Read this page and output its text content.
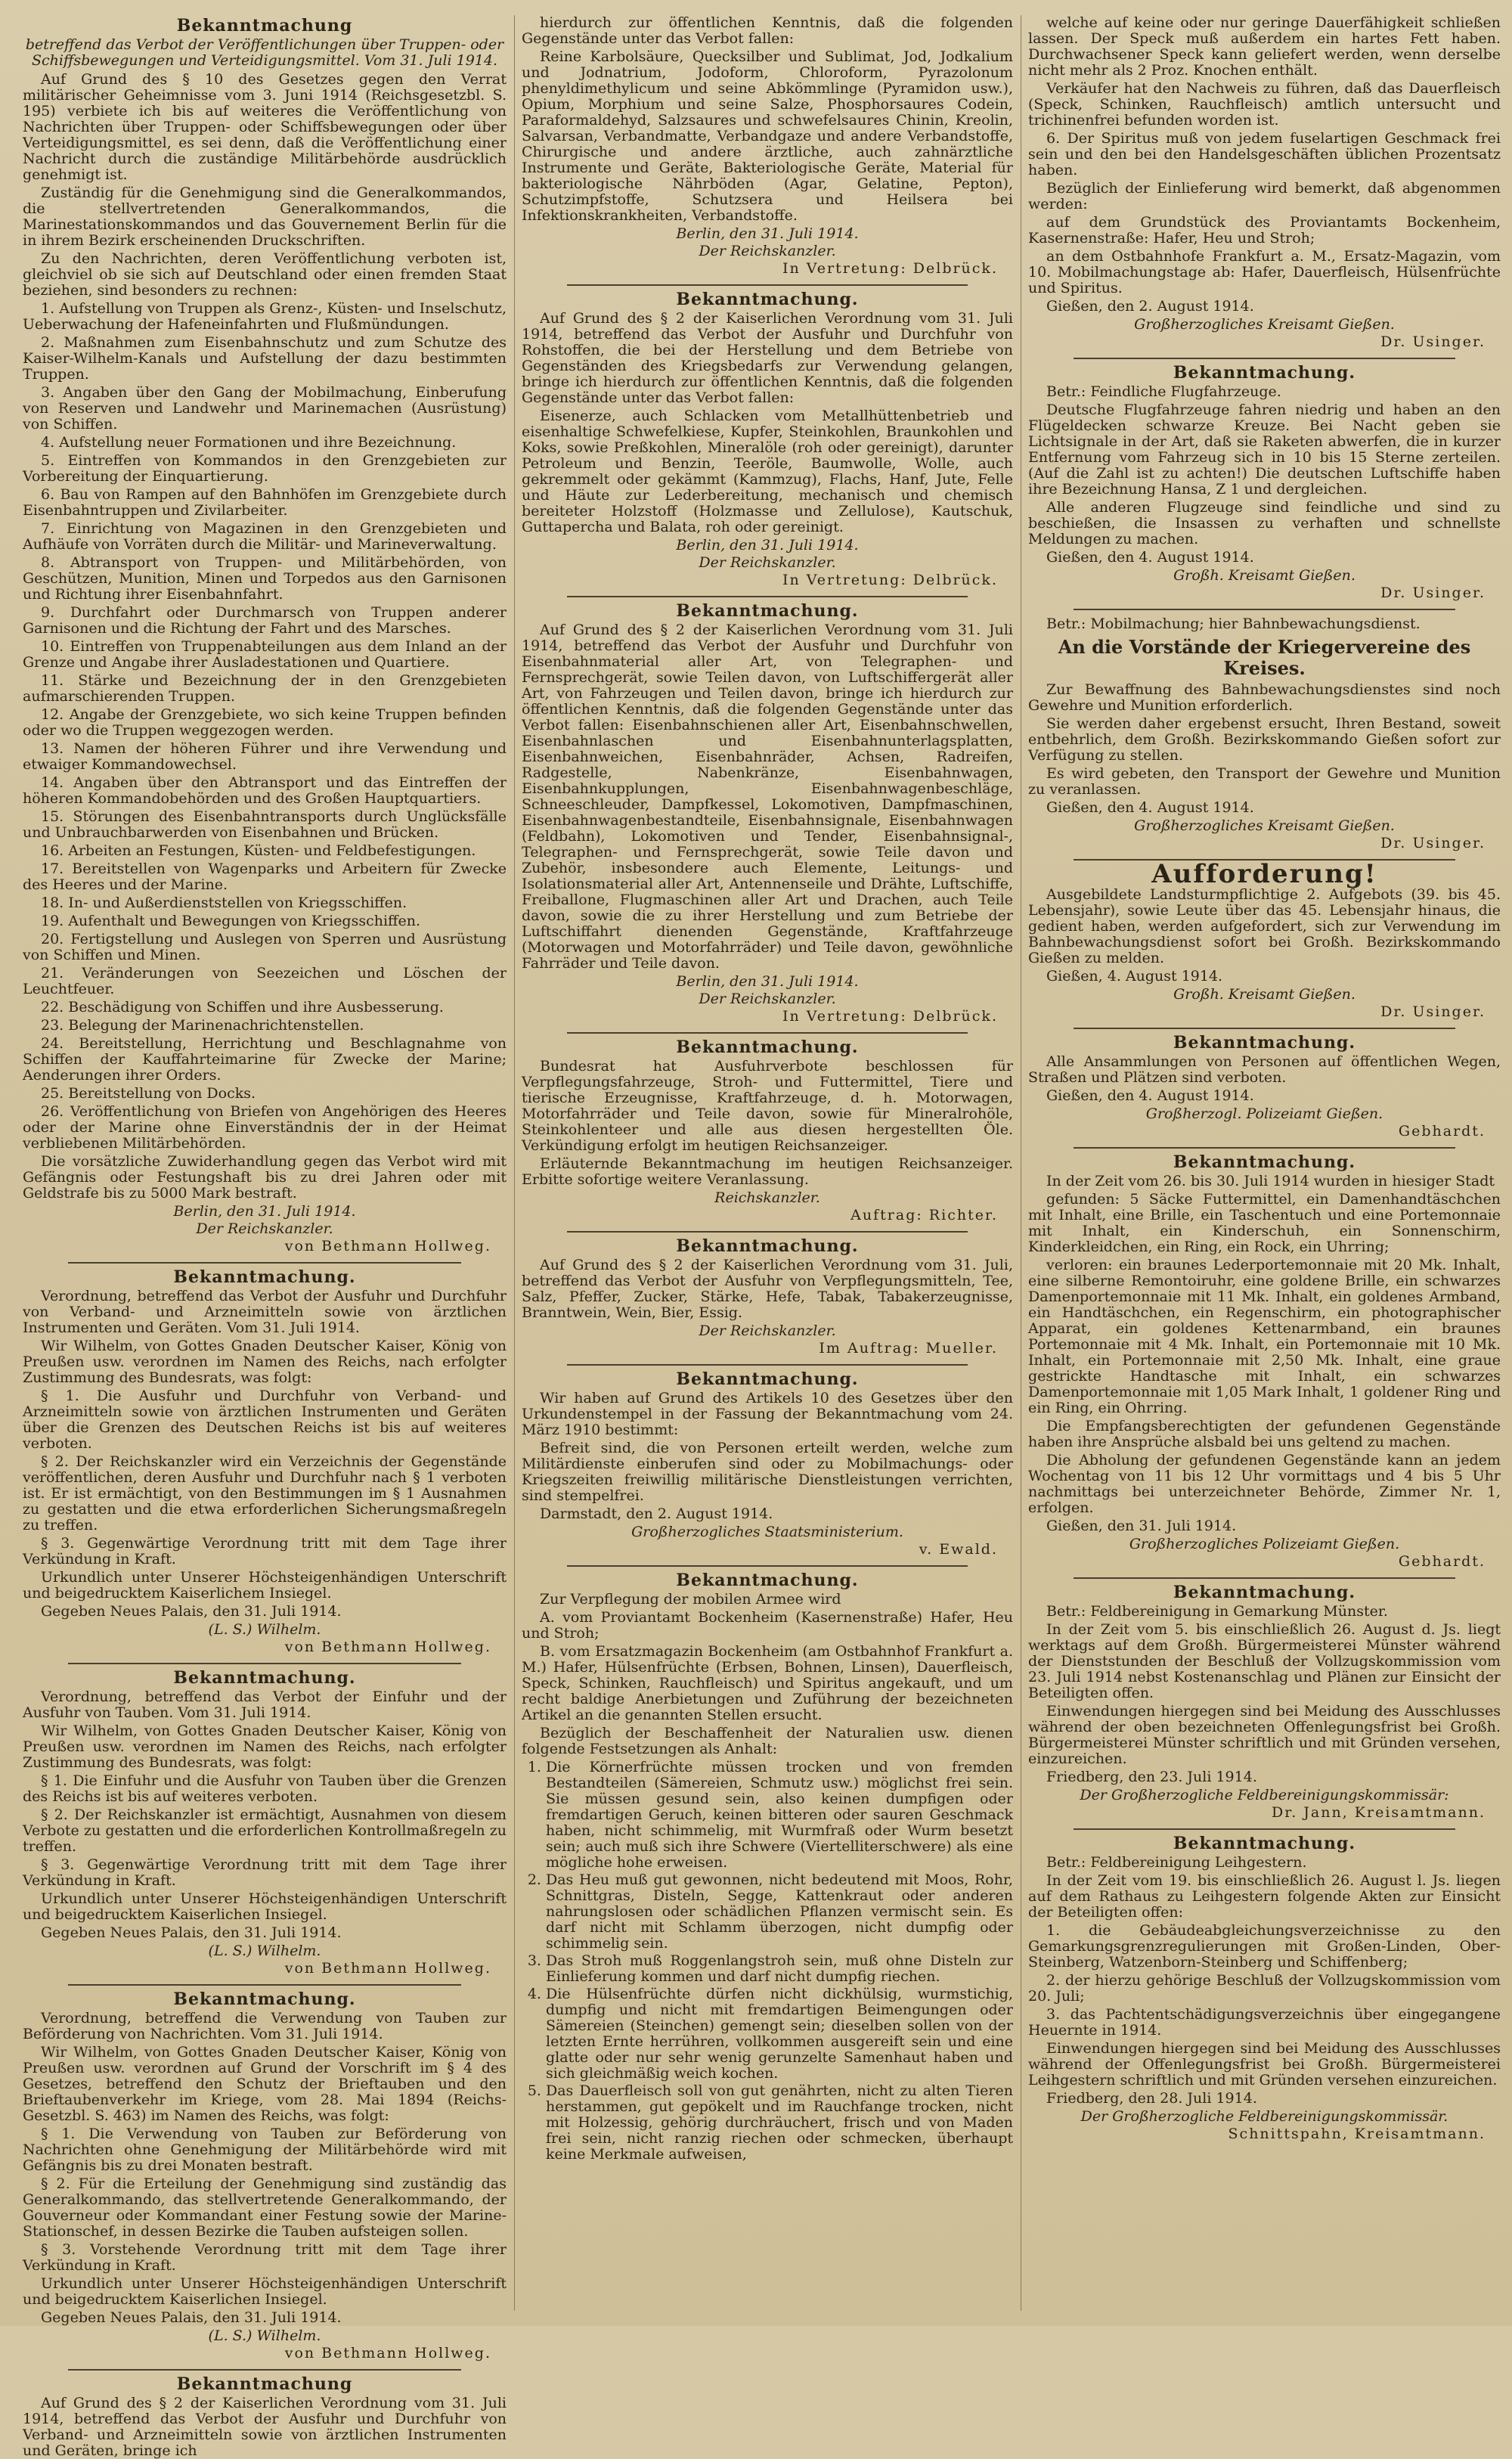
Bekanntmachung
betreffend das Verbot der Veröffentlichungen über Truppen- oder Schiffsbewegungen und Verteidigungsmittel. Vom 31. Juli 1914.

Auf Grund des § 10 des Gesetzes gegen den Verrat militärischer Geheimnisse vom 3. Juni 1914 (Reichsgesetzbl. S. 195) verbiete ich bis auf weiteres die Veröffentlichung von Nachrichten über Truppen- oder Schiffsbewegungen oder über Verteidigungsmittel, es sei denn, daß die Veröffentlichung einer Nachricht durch die zuständige Militärbehörde ausdrücklich genehmigt ist.

Zuständig für die Genehmigung sind die Generalkommandos, die stellvertretenden Generalkommandos, die Marinestationskommandos und das Gouvernement Berlin für die in ihrem Bezirk erscheinenden Druckschriften.

Zu den Nachrichten, deren Veröffentlichung verboten ist, gleichviel ob sie sich auf Deutschland oder einen fremden Staat beziehen, sind besonders zu rechnen:

1. Aufstellung von Truppen als Grenz-, Küsten- und Inselschutz, Ueberwachung der Hafeneinfahrten und Flußmündungen.

2. Maßnahmen zum Eisenbahnschutz und zum Schutze des Kaiser-Wilhelm-Kanals und Aufstellung der dazu bestimmten Truppen.

3. Angaben über den Gang der Mobilmachung, Einberufung von Reserven und Landwehr und Marinemachen (Ausrüstung) von Schiffen.

4. Aufstellung neuer Formationen und ihre Bezeichnung.

5. Eintreffen von Kommandos in den Grenzgebieten zur Vorbereitung der Einquartierung.

6. Bau von Rampen auf den Bahnhöfen im Grenzgebiete durch Eisenbahntruppen und Zivilarbeiter.

7. Einrichtung von Magazinen in den Grenzgebieten und Aufhäufe von Vorräten durch die Militär- und Marineverwaltung.

8. Abtransport von Truppen- und Militärbehörden, von Geschützen, Munition, Minen und Torpedos aus den Garnisonen und Richtung ihrer Eisenbahnfahrt.

9. Durchfahrt oder Durchmarsch von Truppen anderer Garnisonen und die Richtung der Fahrt und des Marsches.

10. Eintreffen von Truppenabteilungen aus dem Inland an der Grenze und Angabe ihrer Ausladestationen und Quartiere.

11. Stärke und Bezeichnung der in den Grenzgebieten aufmarschierenden Truppen.

12. Angabe der Grenzgebiete, wo sich keine Truppen befinden oder wo die Truppen weggezogen werden.

13. Namen der höheren Führer und ihre Verwendung und etwaiger Kommandowechsel.

14. Angaben über den Abtransport und das Eintreffen der höheren Kommandobehörden und des Großen Hauptquartiers.

15. Störungen des Eisenbahntransports durch Unglücksfälle und Unbrauchbarwerden von Eisenbahnen und Brücken.

16. Arbeiten an Festungen, Küsten- und Feldbefestigungen.

17. Bereitstellen von Wagenparks und Arbeitern für Zwecke des Heeres und der Marine.

18. In- und Außerdienststellen von Kriegsschiffen.

19. Aufenthalt und Bewegungen von Kriegsschiffen.

20. Fertigstellung und Auslegen von Sperren und Ausrüstung von Schiffen und Minen.

21. Veränderungen von Seezeichen und Löschen der Leuchtfeuer.

22. Beschädigung von Schiffen und ihre Ausbesserung.

23. Belegung der Marinenachrichtenstellen.

24. Bereitstellung, Herrichtung und Beschlagnahme von Schiffen der Kauffahrteimarine für Zwecke der Marine; Aenderungen ihrer Orders.

25. Bereitstellung von Docks.

26. Veröffentlichung von Briefen von Angehörigen des Heeres oder der Marine ohne Einverständnis der in der Heimat verbliebenen Militärbehörden.

Die vorsätzliche Zuwiderhandlung gegen das Verbot wird mit Gefängnis oder Festungshaft bis zu drei Jahren oder mit Geldstrafe bis zu 5000 Mark bestraft.

Berlin, den 31. Juli 1914.
Der Reichskanzler.
von Bethmann Hollweg.
Bekanntmachung.

Verordnung, betreffend das Verbot der Ausfuhr und Durchfuhr von Verband- und Arzneimitteln sowie von ärztlichen Instrumenten und Geräten. Vom 31. Juli 1914.

Wir Wilhelm, von Gottes Gnaden Deutscher Kaiser, König von Preußen usw. verordnen im Namen des Reichs, nach erfolgter Zustimmung des Bundesrats, was folgt:

§ 1. Die Ausfuhr und Durchfuhr von Verband- und Arzneimitteln sowie von ärztlichen Instrumenten und Geräten über die Grenzen des Deutschen Reichs ist bis auf weiteres verboten.

§ 2. Der Reichskanzler wird ein Verzeichnis der Gegenstände veröffentlichen, deren Ausfuhr und Durchfuhr nach § 1 verboten ist. Er ist ermächtigt, von den Bestimmungen im § 1 Ausnahmen zu gestatten und die etwa erforderlichen Sicherungsmaßregeln zu treffen.

§ 3. Gegenwärtige Verordnung tritt mit dem Tage ihrer Verkündung in Kraft.

Urkundlich unter Unserer Höchsteigenhändigen Unterschrift und beigedrucktem Kaiserlichem Insiegel.

Gegeben Neues Palais, den 31. Juli 1914.

(L. S.) Wilhelm.
von Bethmann Hollweg.
Bekanntmachung.

Verordnung, betreffend das Verbot der Einfuhr und der Ausfuhr von Tauben. Vom 31. Juli 1914.

Wir Wilhelm, von Gottes Gnaden Deutscher Kaiser, König von Preußen usw. verordnen im Namen des Reichs, nach erfolgter Zustimmung des Bundesrats, was folgt:

§ 1. Die Einfuhr und die Ausfuhr von Tauben über die Grenzen des Reichs ist bis auf weiteres verboten.

§ 2. Der Reichskanzler ist ermächtigt, Ausnahmen von diesem Verbote zu gestatten und die erforderlichen Kontrollmaßregeln zu treffen.

§ 3. Gegenwärtige Verordnung tritt mit dem Tage ihrer Verkündung in Kraft.

Urkundlich unter Unserer Höchsteigenhändigen Unterschrift und beigedrucktem Kaiserlichen Insiegel.

Gegeben Neues Palais, den 31. Juli 1914.

(L. S.) Wilhelm.
von Bethmann Hollweg.
Bekanntmachung.

Verordnung, betreffend die Verwendung von Tauben zur Beförderung von Nachrichten. Vom 31. Juli 1914.

Wir Wilhelm, von Gottes Gnaden Deutscher Kaiser, König von Preußen usw. verordnen auf Grund der Vorschrift im § 4 des Gesetzes, betreffend den Schutz der Brieftauben und den Brieftaubenverkehr im Kriege, vom 28. Mai 1894 (Reichs-Gesetzbl. S. 463) im Namen des Reichs, was folgt:

§ 1. Die Verwendung von Tauben zur Beförderung von Nachrichten ohne Genehmigung der Militärbehörde wird mit Gefängnis bis zu drei Monaten bestraft.

§ 2. Für die Erteilung der Genehmigung sind zuständig das Generalkommando, das stellvertretende Generalkommando, der Gouverneur oder Kommandant einer Festung sowie der Marine-Stationschef, in dessen Bezirke die Tauben aufsteigen sollen.

§ 3. Vorstehende Verordnung tritt mit dem Tage ihrer Verkündung in Kraft.

Urkundlich unter Unserer Höchsteigenhändigen Unterschrift und beigedrucktem Kaiserlichen Insiegel.

Gegeben Neues Palais, den 31. Juli 1914.

(L. S.) Wilhelm.
von Bethmann Hollweg.
Bekanntmachung

Auf Grund des § 2 der Kaiserlichen Verordnung vom 31. Juli 1914, betreffend das Verbot der Ausfuhr und Durchfuhr von Verband- und Arzneimitteln sowie von ärztlichen Instrumenten und Geräten, bringe ich

hierdurch zur öffentlichen Kenntnis, daß die folgenden Gegenstände unter das Verbot fallen:

Reine Karbolsäure, Quecksilber und Sublimat, Jod, Jodkalium und Jodnatrium, Jodoform, Chloroform, Pyrazolonum phenyldimethylicum und seine Abkömmlinge (Pyramidon usw.), Opium, Morphium und seine Salze, Phosphorsaures Codein, Paraformaldehyd, Salzsaures und schwefelsaures Chinin, Kreolin, Salvarsan, Verbandmatte, Verbandgaze und andere Verbandstoffe, Chirurgische und andere ärztliche, auch zahnärztliche Instrumente und Geräte, Bakteriologische Geräte, Material für bakteriologische Nährböden (Agar, Gelatine, Pepton), Schutzimpfstoffe, Schutzsera und Heilsera bei Infektionskrankheiten, Verbandstoffe.

Berlin, den 31. Juli 1914.
Der Reichskanzler.
In Vertretung: Delbrück.
Bekanntmachung.

Auf Grund des § 2 der Kaiserlichen Verordnung vom 31. Juli 1914, betreffend das Verbot der Ausfuhr und Durchfuhr von Rohstoffen, die bei der Herstellung und dem Betriebe von Gegenständen des Kriegsbedarfs zur Verwendung gelangen, bringe ich hierdurch zur öffentlichen Kenntnis, daß die folgenden Gegenstände unter das Verbot fallen:

Eisenerze, auch Schlacken vom Metallhüttenbetrieb und eisenhaltige Schwefelkiese, Kupfer, Steinkohlen, Braunkohlen und Koks, sowie Preßkohlen, Mineralöle (roh oder gereinigt), darunter Petroleum und Benzin, Teeröle, Baumwolle, Wolle, auch gekremmelt oder gekämmt (Kammzug), Flachs, Hanf, Jute, Felle und Häute zur Lederbereitung, mechanisch und chemisch bereiteter Holzstoff (Holzmasse und Zellulose), Kautschuk, Guttapercha und Balata, roh oder gereinigt.

Berlin, den 31. Juli 1914.
Der Reichskanzler.
In Vertretung: Delbrück.
Bekanntmachung.

Auf Grund des § 2 der Kaiserlichen Verordnung vom 31. Juli 1914, betreffend das Verbot der Ausfuhr und Durchfuhr von Eisenbahnmaterial aller Art, von Telegraphen- und Fernsprechgerät, sowie Teilen davon, von Luftschiffergerät aller Art, von Fahrzeugen und Teilen davon, bringe ich hierdurch zur öffentlichen Kenntnis, daß die folgenden Gegenstände unter das Verbot fallen: Eisenbahnschienen aller Art, Eisenbahnschwellen, Eisenbahnlaschen und Eisenbahnunterlagsplatten, Eisenbahnweichen, Eisenbahnräder, Achsen, Radreifen, Radgestelle, Nabenkränze, Eisenbahnwagen, Eisenbahnkupplungen, Eisenbahnwagenbeschläge, Schneeschleuder, Dampfkessel, Lokomotiven, Dampfmaschinen, Eisenbahnwagenbestandteile, Eisenbahnsignale, Eisenbahnwagen (Feldbahn), Lokomotiven und Tender, Eisenbahnsignal-, Telegraphen- und Fernsprechgerät, sowie Teile davon und Zubehör, insbesondere auch Elemente, Leitungs- und Isolationsmaterial aller Art, Antennenseile und Drähte, Luftschiffe, Freiballone, Flugmaschinen aller Art und Drachen, auch Teile davon, sowie die zu ihrer Herstellung und zum Betriebe der Luftschiffahrt dienenden Gegenstände, Kraftfahrzeuge (Motorwagen und Motorfahrräder) und Teile davon, gewöhnliche Fahrräder und Teile davon.

Berlin, den 31. Juli 1914.
Der Reichskanzler.
In Vertretung: Delbrück.
Bekanntmachung.

Bundesrat hat Ausfuhrverbote beschlossen für Verpflegungsfahrzeuge, Stroh- und Futtermittel, Tiere und tierische Erzeugnisse, Kraftfahrzeuge, d. h. Motorwagen, Motorfahrräder und Teile davon, sowie für Mineralrohöle, Steinkohlenteer und alle aus diesen hergestellten Öle. Verkündigung erfolgt im heutigen Reichsanzeiger.

Erläuternde Bekanntmachung im heutigen Reichsanzeiger. Erbitte sofortige weitere Veranlassung.

Reichskanzler.
Auftrag: Richter.
Bekanntmachung.

Auf Grund des § 2 der Kaiserlichen Verordnung vom 31. Juli, betreffend das Verbot der Ausfuhr von Verpflegungsmitteln, Tee, Salz, Pfeffer, Zucker, Stärke, Hefe, Tabak, Tabakerzeugnisse, Branntwein, Wein, Bier, Essig.

Der Reichskanzler.
Im Auftrag: Mueller.
Bekanntmachung.

Wir haben auf Grund des Artikels 10 des Gesetzes über den Urkundenstempel in der Fassung der Bekanntmachung vom 24. März 1910 bestimmt:

Befreit sind, die von Personen erteilt werden, welche zum Militärdienste einberufen sind oder zu Mobilmachungs- oder Kriegszeiten freiwillig militärische Dienstleistungen verrichten, sind stempelfrei.

Darmstadt, den 2. August 1914.

Großherzogliches Staatsministerium.
v. Ewald.
Bekanntmachung.

Zur Verpflegung der mobilen Armee wird

A. vom Proviantamt Bockenheim (Kasernenstraße) Hafer, Heu und Stroh;

B. vom Ersatzmagazin Bockenheim (am Ostbahnhof Frankfurt a. M.) Hafer, Hülsenfrüchte (Erbsen, Bohnen, Linsen), Dauerfleisch, Speck, Schinken, Rauchfleisch) und Spiritus angekauft, und um recht baldige Anerbietungen und Zuführung der bezeichneten Artikel an die genannten Stellen ersucht.

Bezüglich der Beschaffenheit der Naturalien usw. dienen folgende Festsetzungen als Anhalt:

1. Die Körnerfrüchte müssen trocken und von fremden Bestandteilen (Sämereien, Schmutz usw.) möglichst frei sein. Sie müssen gesund sein, also keinen dumpfigen oder fremdartigen Geruch, keinen bitteren oder sauren Geschmack haben, nicht schimmelig, mit Wurmfraß oder Wurm besetzt sein; auch muß sich ihre Schwere (Viertelliterschwere) als eine mögliche hohe erweisen.
2. Das Heu muß gut gewonnen, nicht bedeutend mit Moos, Rohr, Schnittgras, Disteln, Segge, Kattenkraut oder anderen nahrungslosen oder schädlichen Pflanzen vermischt sein. Es darf nicht mit Schlamm überzogen, nicht dumpfig oder schimmelig sein.
3. Das Stroh muß Roggenlangstroh sein, muß ohne Disteln zur Einlieferung kommen und darf nicht dumpfig riechen.
4. Die Hülsenfrüchte dürfen nicht dickhülsig, wurmstichig, dumpfig und nicht mit fremdartigen Beimengungen oder Sämereien (Steinchen) gemengt sein; dieselben sollen von der letzten Ernte herrühren, vollkommen ausgereift sein und eine glatte oder nur sehr wenig gerunzelte Samenhaut haben und sich gleichmäßig weich kochen.
5. Das Dauerfleisch soll von gut genährten, nicht zu alten Tieren herstammen, gut gepökelt und im Rauchfange trocken, nicht mit Holzessig, gehörig durchräuchert, frisch und von Maden frei sein, nicht ranzig riechen oder schmecken, überhaupt keine Merkmale aufweisen,

welche auf keine oder nur geringe Dauerfähigkeit schließen lassen. Der Speck muß außerdem ein hartes Fett haben. Durchwachsener Speck kann geliefert werden, wenn derselbe nicht mehr als 2 Proz. Knochen enthält.

Verkäufer hat den Nachweis zu führen, daß das Dauerfleisch (Speck, Schinken, Rauchfleisch) amtlich untersucht und trichinenfrei befunden worden ist.

6. Der Spiritus muß von jedem fuselartigen Geschmack frei sein und den bei den Handelsgeschäften üblichen Prozentsatz haben.

Bezüglich der Einlieferung wird bemerkt, daß abgenommen werden:

auf dem Grundstück des Proviantamts Bockenheim, Kasernenstraße: Hafer, Heu und Stroh;

an dem Ostbahnhofe Frankfurt a. M., Ersatz-Magazin, vom 10. Mobilmachungstage ab: Hafer, Dauerfleisch, Hülsenfrüchte und Spiritus.

Gießen, den 2. August 1914.

Großherzogliches Kreisamt Gießen.
Dr. Usinger.
Bekanntmachung.

Betr.: Feindliche Flugfahrzeuge.

Deutsche Flugfahrzeuge fahren niedrig und haben an den Flügeldecken schwarze Kreuze. Bei Nacht geben sie Lichtsignale in der Art, daß sie Raketen abwerfen, die in kurzer Entfernung vom Fahrzeug sich in 10 bis 15 Sterne zerteilen. (Auf die Zahl ist zu achten!) Die deutschen Luftschiffe haben ihre Bezeichnung Hansa, Z 1 und dergleichen.

Alle anderen Flugzeuge sind feindliche und sind zu beschießen, die Insassen zu verhaften und schnellste Meldungen zu machen.

Gießen, den 4. August 1914.

Großh. Kreisamt Gießen.
Dr. Usinger.

Betr.: Mobilmachung; hier Bahnbewachungsdienst.

An die Vorstände der Kriegervereine des Kreises.

Zur Bewaffnung des Bahnbewachungsdienstes sind noch Gewehre und Munition erforderlich.

Sie werden daher ergebenst ersucht, Ihren Bestand, soweit entbehrlich, dem Großh. Bezirkskommando Gießen sofort zur Verfügung zu stellen.

Es wird gebeten, den Transport der Gewehre und Munition zu veranlassen.

Gießen, den 4. August 1914.

Großherzogliches Kreisamt Gießen.
Dr. Usinger.
Aufforderung!

Ausgebildete Landsturmpflichtige 2. Aufgebots (39. bis 45. Lebensjahr), sowie Leute über das 45. Lebensjahr hinaus, die gedient haben, werden aufgefordert, sich zur Verwendung im Bahnbewachungsdienst sofort bei Großh. Bezirkskommando Gießen zu melden.

Gießen, 4. August 1914.

Großh. Kreisamt Gießen.
Dr. Usinger.
Bekanntmachung.

Alle Ansammlungen von Personen auf öffentlichen Wegen, Straßen und Plätzen sind verboten.

Gießen, den 4. August 1914.

Großherzogl. Polizeiamt Gießen.
Gebhardt.
Bekanntmachung.

In der Zeit vom 26. bis 30. Juli 1914 wurden in hiesiger Stadt

gefunden: 5 Säcke Futtermittel, ein Damenhandtäschchen mit Inhalt, eine Brille, ein Taschentuch und eine Portemonnaie mit Inhalt, ein Kinderschuh, ein Sonnenschirm, Kinderkleidchen, ein Ring, ein Rock, ein Uhrring;

verloren: ein braunes Lederportemonnaie mit 20 Mk. Inhalt, eine silberne Remontoiruhr, eine goldene Brille, ein schwarzes Damenportemonnaie mit 11 Mk. Inhalt, ein goldenes Armband, ein Handtäschchen, ein Regenschirm, ein photographischer Apparat, ein goldenes Kettenarmband, ein braunes Portemonnaie mit 4 Mk. Inhalt, ein Portemonnaie mit 10 Mk. Inhalt, ein Portemonnaie mit 2,50 Mk. Inhalt, eine graue gestrickte Handtasche mit Inhalt, ein schwarzes Damenportemonnaie mit 1,05 Mark Inhalt, 1 goldener Ring und ein Ring, ein Ohrring.

Die Empfangsberechtigten der gefundenen Gegenstände haben ihre Ansprüche alsbald bei uns geltend zu machen.

Die Abholung der gefundenen Gegenstände kann an jedem Wochentag von 11 bis 12 Uhr vormittags und 4 bis 5 Uhr nachmittags bei unterzeichneter Behörde, Zimmer Nr. 1, erfolgen.

Gießen, den 31. Juli 1914.

Großherzogliches Polizeiamt Gießen.
Gebhardt.
Bekanntmachung.

Betr.: Feldbereinigung in Gemarkung Münster.

In der Zeit vom 5. bis einschließlich 26. August d. Js. liegt werktags auf dem Großh. Bürgermeisterei Münster während der Dienststunden der Beschluß der Vollzugskommission vom 23. Juli 1914 nebst Kostenanschlag und Plänen zur Einsicht der Beteiligten offen.

Einwendungen hiergegen sind bei Meidung des Ausschlusses während der oben bezeichneten Offenlegungsfrist bei Großh. Bürgermeisterei Münster schriftlich und mit Gründen versehen, einzureichen.

Friedberg, den 23. Juli 1914.

Der Großherzogliche Feldbereinigungskommissär:
Dr. Jann, Kreisamtmann.
Bekanntmachung.

Betr.: Feldbereinigung Leihgestern.

In der Zeit vom 19. bis einschließlich 26. August l. Js. liegen auf dem Rathaus zu Leihgestern folgende Akten zur Einsicht der Beteiligten offen:

1. die Gebäudeabgleichungsverzeichnisse zu den Gemarkungsgrenzregulierungen mit Großen-Linden, Ober-Steinberg, Watzenborn-Steinberg und Schiffenberg;

2. der hierzu gehörige Beschluß der Vollzugskommission vom 20. Juli;

3. das Pachtentschädigungsverzeichnis über eingegangene Heuernte in 1914.

Einwendungen hiergegen sind bei Meidung des Ausschlusses während der Offenlegungsfrist bei Großh. Bürgermeisterei Leihgestern schriftlich und mit Gründen versehen einzureichen.

Friedberg, den 28. Juli 1914.

Der Großherzogliche Feldbereinigungskommissär.
Schnittspahn, Kreisamtmann.
